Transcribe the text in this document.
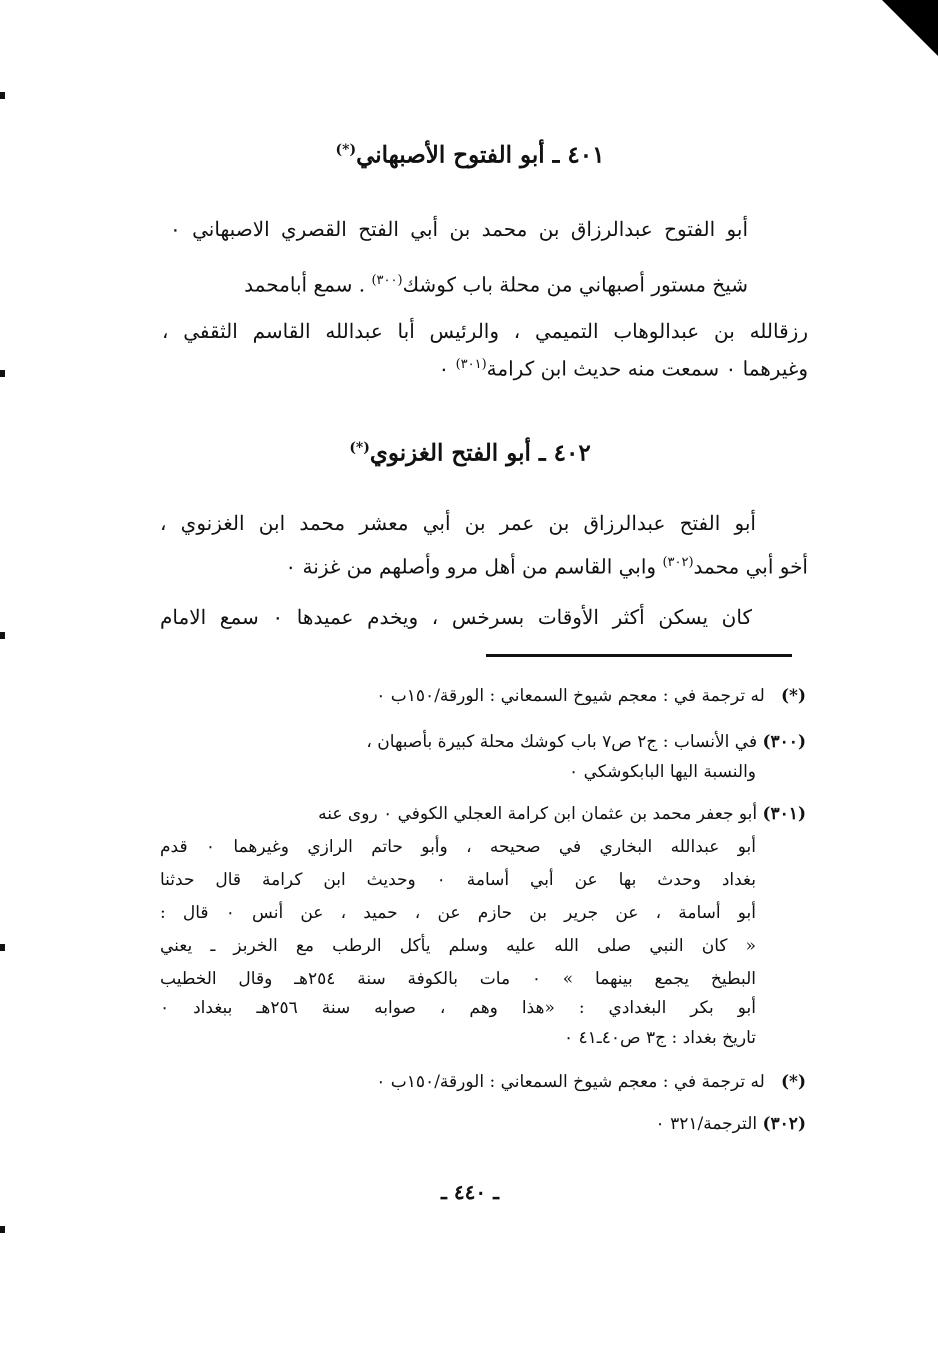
٤٠١ ـ أبو الفتوح الأصبهاني(*)
أبو الفتوح عبدالرزاق بن محمد بن أبي الفتح القصري الاصبهاني ٠
شيخ مستور أصبهاني من محلة باب كوشك$^{(٣٠٠)}$ . سمع أبامحمد
رزقالله بن عبدالوهاب التميمي ، والرئيس أبا عبدالله القاسم الثقفي ،
وغيرهما ٠ سمعت منه حديث ابن كرامة$^{(٣٠١)}$ ٠
٤٠٢ ـ أبو الفتح الغزنوي(*)
أبو الفتح عبدالرزاق بن عمر بن أبي معشر محمد ابن الغزنوي ،
أخو أبي محمد$^{(٣٠٢)}$ وابي القاسم من أهل مرو وأصلهم من غزنة ٠
كان يسكن أكثر الأوقات بسرخس ، ويخدم عميدها ٠ سمع الامام
(*)   له ترجمة في : معجم شيوخ السمعاني : الورقة/١٥٠ب ٠
(٣٠٠) في الأنساب : ج٢ ص٧ باب كوشك محلة كبيرة بأصبهان ،
والنسبة اليها البابكوشكي ٠
(٣٠١) أبو جعفر محمد بن عثمان ابن كرامة العجلي الكوفي ٠ روى عنه
أبو عبدالله البخاري في صحيحه ، وأبو حاتم الرازي وغيرهما ٠ قدم
بغداد وحدث بها عن أبي أسامة ٠ وحديث ابن كرامة قال حدثنا
أبو أسامة ، عن جرير بن حازم عن ، حميد ، عن أنس ٠ قال :
« كان النبي صلى الله عليه وسلم يأكل الرطب مع الخربز ـ يعني
البطيخ يجمع بينهما » ٠ مات بالكوفة سنة ٢٥٤هـ وقال الخطيب
أبو بكر البغدادي : «هذا وهم ، صوابه سنة ٢٥٦هـ ببغداد ٠
تاريخ بغداد : ج٣ ص٤٠ـ٤١ ٠
(*)   له ترجمة في : معجم شيوخ السمعاني : الورقة/١٥٠ب ٠
(٣٠٢) الترجمة/٣٢١ ٠
ـ ٤٤٠ ـ
